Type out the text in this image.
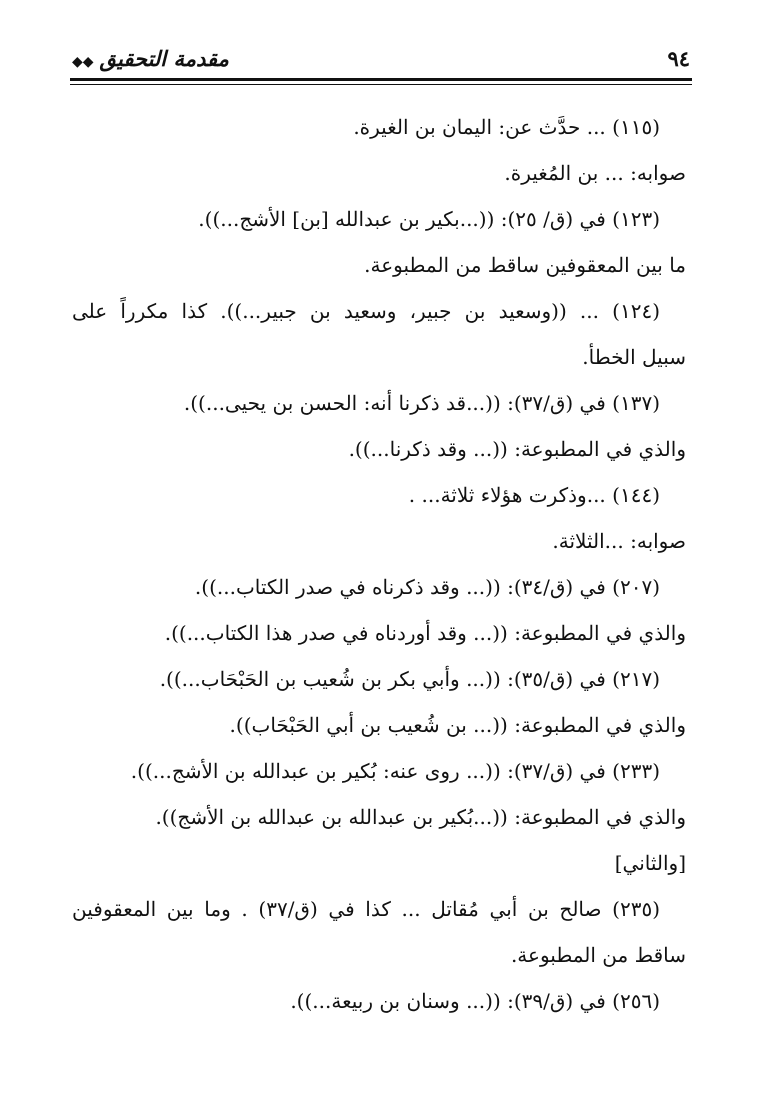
٩٤
مقدمة التحقيق◆◆
(١١٥) ... حدَّث عن: اليمان بن الغيرة.
صوابه: ... بن المُغيرة.
(١٢٣) في (ق/ ٢٥): ((...بكير بن عبدالله [بن] الأشج...)).
ما بين المعقوفين ساقط من المطبوعة.
(١٢٤) ... ((وسعيد بن جبير، وسعيد بن جبير...)). كذا مكرراً على
سبيل الخطأ.
(١٣٧) في (ق/٣٧): ((...قد ذكرنا أنه: الحسن بن يحيى...)).
والذي في المطبوعة: ((... وقد ذكرنا...)).
(١٤٤) ...وذكرت هؤلاء ثلاثة... .
صوابه: ...الثلاثة.
(٢٠٧) في (ق/٣٤): ((... وقد ذكرناه في صدر الكتاب...)).
والذي في المطبوعة: ((... وقد أوردناه في صدر هذا الكتاب...)).
(٢١٧) في (ق/٣٥): ((... وأبي بكر بن شُعيب بن الحَبْحَاب...)).
والذي في المطبوعة: ((... بن شُعيب بن أبي الحَبْحَاب)).
(٢٣٣) في (ق/٣٧): ((... روى عنه: بُكير بن عبدالله بن الأشج...)).
والذي في المطبوعة: ((...بُكير بن عبدالله بن عبدالله بن الأشج)).
[والثاني]
(٢٣٥) صالح بن أبي مُقاتل ... كذا في (ق/٣٧) . وما بين المعقوفين
ساقط من المطبوعة.
(٢٥٦) في (ق/٣٩): ((... وسنان بن ربيعة...)).
